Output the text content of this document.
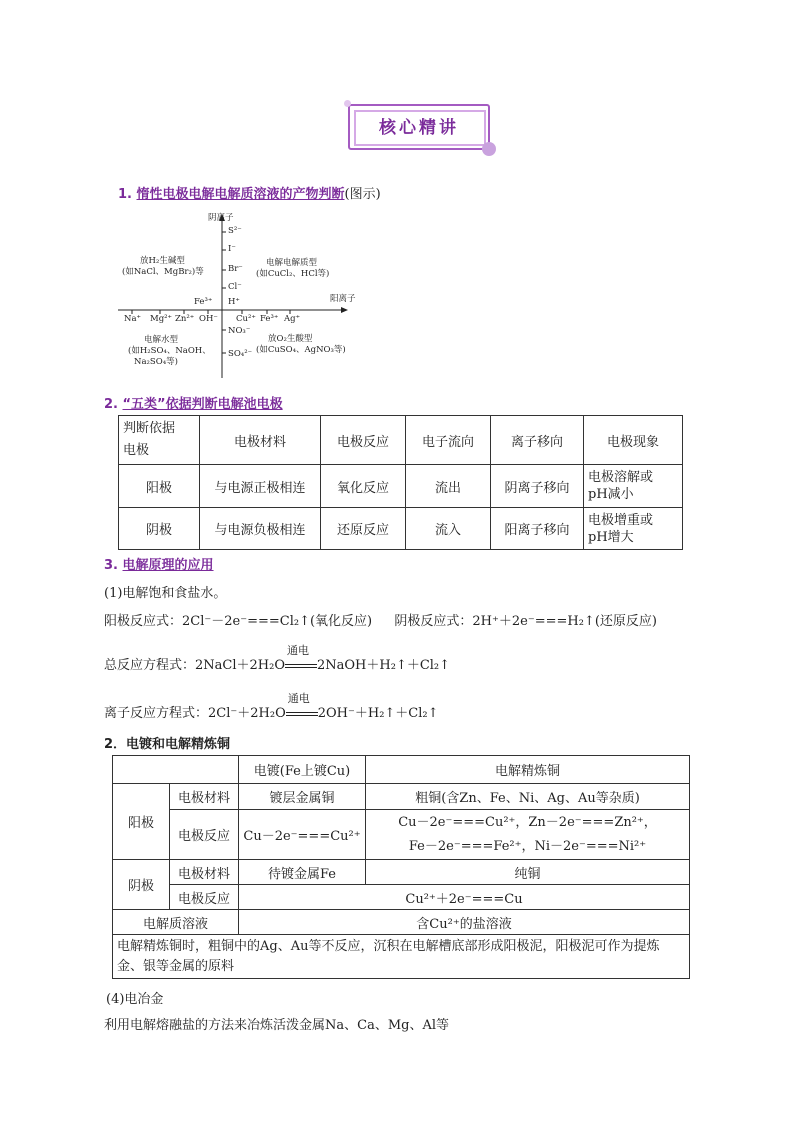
核心精讲
1. 惰性电极电解电解质溶液的产物判断(图示)
阴离子
阳离子
S²⁻
I⁻
Br⁻
Cl⁻
H⁺
Fe³⁺
NO₃⁻
SO₄²⁻
Na⁺ Mg²⁺ Zn²⁺ OH⁻ Cu²⁺ Fe³⁺ Ag⁺
电解电解质型
(如CuCl₂、HCl等)
放H₂生碱型
(如NaCl、MgBr₂)等
电解水型
(如H₂SO₄、NaOH、
Na₂SO₄等)
放O₂生酸型
(如CuSO₄、AgNO₃等)
2. “五类”依据判断电解池电极
判断依据
电极	电极材料	电极反应	电子流向	离子移向	电极现象
阳极	与电源正极相连	氧化反应	流出	阴离子移向	电极溶解或
pH减小
阴极	与电源负极相连	还原反应	流入	阳离子移向	电极增重或
pH增大
3. 电解原理的应用
(1)电解饱和食盐水。
阳极反应式：2Cl⁻－2e⁻===Cl₂↑(氧化反应) 阴极反应式：2H⁺＋2e⁻===H₂↑(还原反应)
总反应方程式：2NaCl＋2H₂O
通电
2NaOH＋H₂↑＋Cl₂↑
离子反应方程式：2Cl⁻＋2H₂O
通电
2OH⁻＋H₂↑＋Cl₂↑
2．电镀和电解精炼铜
		电镀(Fe上镀Cu)	电解精炼铜
阳极	电极材料	镀层金属铜	粗铜(含Zn、Fe、Ni、Ag、Au等杂质)
	电极反应	Cu－2e⁻===Cu²⁺	Cu－2e⁻===Cu²⁺，Zn－2e⁻===Zn²⁺，
Fe－2e⁻===Fe²⁺，Ni－2e⁻===Ni²⁺

阴极	电极材料	待镀金属Fe	纯铜
	电极反应	Cu²⁺＋2e⁻===Cu	
电解质溶液		含Cu²⁺的盐溶液	
电解精炼铜时，粗铜中的Ag、Au等不反应，沉积在电解槽底部形成阳极泥，阳极泥可作为提炼金、银等金属的原料			
(4)电冶金
利用电解熔融盐的方法来冶炼活泼金属Na、Ca、Mg、Al等
